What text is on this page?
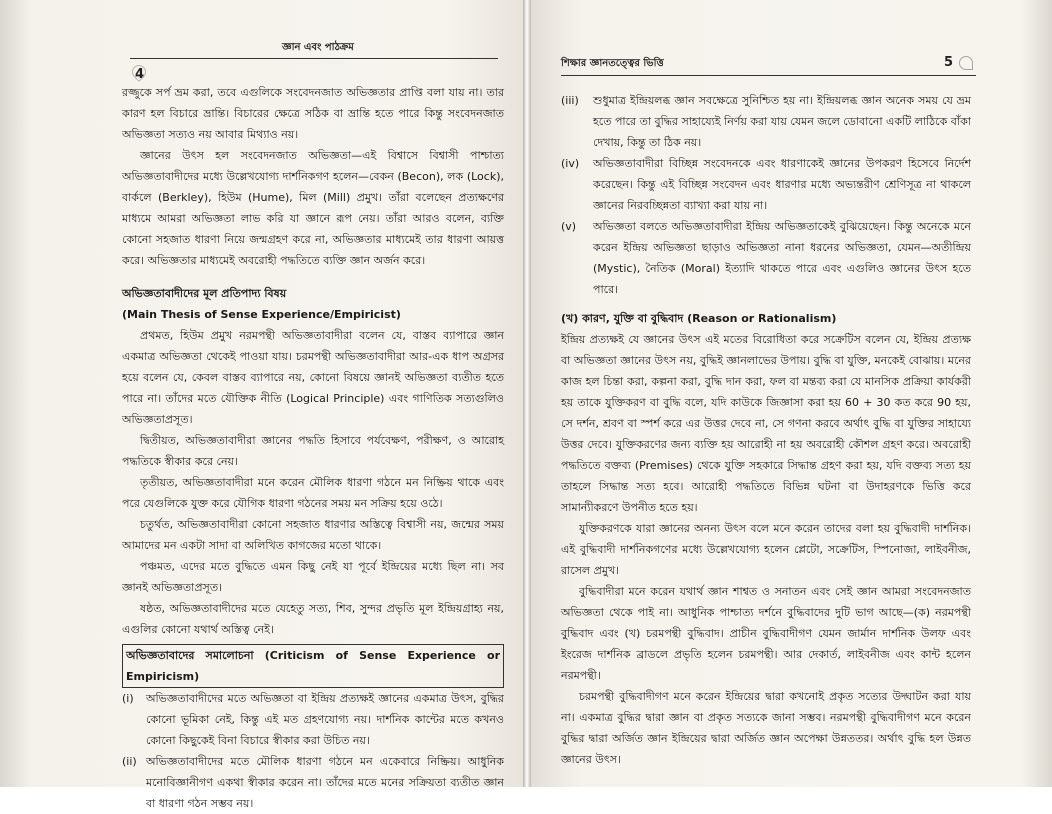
জ্ঞান এবং পাঠক্রম
4

রজ্জুকে সর্প ভ্রম করা, তবে এগুলিকে সংবেদনজাত অভিজ্ঞতার প্রাপ্তি বলা যায় না। তার কারণ হল বিচারে ভ্রান্তি। বিচারের ক্ষেত্রে সঠিক বা ভ্রান্তি হতে পারে কিন্তু সংবেদনজাত অভিজ্ঞতা সত্যও নয় আবার মিথ্যাও নয়।

জ্ঞানের উৎস হল সংবেদনজাত অভিজ্ঞতা—এই বিশ্বাসে বিশ্বাসী পাশ্চাত্য অভিজ্ঞতাবাদীদের মধ্যে উল্লেখযোগ্য দার্শনিকগণ হলেন—বেকন (Becon), লক (Lock), বার্কলে (Berkley), হিউম (Hume), মিল (Mill) প্রমুখ। তাঁরা বলেছেন প্রত্যক্ষণের মাধ্যমে আমরা অভিজ্ঞতা লাভ করি যা জ্ঞানে রূপ নেয়। তাঁরা আরও বলেন, ব্যক্তি কোনো সহজাত ধারণা নিয়ে জন্মগ্রহণ করে না, অভিজ্ঞতার মাধ্যমেই তার ধারণা আয়ত্ত করে। অভিজ্ঞতার মাধ্যমেই অবরোহী পদ্ধতিতে ব্যক্তি জ্ঞান অর্জন করে।

অভিজ্ঞতাবাদীদের মূল প্রতিপাদ্য বিষয়

(Main Thesis of Sense Experience/Empiricist)

প্রথমত, হিউম প্রমুখ নরমপন্থী অভিজ্ঞতাবাদীরা বলেন যে, বাস্তব ব্যাপারে জ্ঞান একমাত্র অভিজ্ঞতা থেকেই পাওয়া যায়। চরমপন্থী অভিজ্ঞতাবাদীরা আর-এক ধাপ অগ্রসর হয়ে বলেন যে, কেবল বাস্তব ব্যাপারে নয়, কোনো বিষয়ে জ্ঞানই অভিজ্ঞতা ব্যতীত হতে পারে না। তাঁদের মতে যৌক্তিক নীতি (Logical Principle) এবং গাণিতিক সত্যগুলিও অভিজ্ঞতাপ্রসূত।

দ্বিতীয়ত, অভিজ্ঞতাবাদীরা জ্ঞানের পদ্ধতি হিসাবে পর্যবেক্ষণ, পরীক্ষণ, ও আরোহ পদ্ধতিকে স্বীকার করে নেয়।

তৃতীয়ত, অভিজ্ঞতাবাদীরা মনে করেন মৌলিক ধারণা গঠনে মন নিষ্ক্রিয় থাকে এবং পরে যেগুলিকে যুক্ত করে যৌগিক ধারণা গঠনের সময় মন সক্রিয় হয়ে ওঠে।

চতুর্থত, অভিজ্ঞতাবাদীরা কোনো সহজাত ধারণার অস্তিত্বে বিশ্বাসী নয়, জন্মের সময় আমাদের মন একটা সাদা বা অলিখিত কাগজের মতো থাকে।

পঞ্চমত, এদের মতে বুদ্ধিতে এমন কিছু নেই যা পূর্বে ইন্দ্রিয়ের মধ্যে ছিল না। সব জ্ঞানই অভিজ্ঞতাপ্রসূত।

ষষ্ঠত, অভিজ্ঞতাবাদীদের মতে যেহেতু সত্য, শিব, সুন্দর প্রভৃতি মূল ইন্দ্রিয়গ্রাহ্য নয়, এগুলির কোনো যথার্থ অস্তিত্ব নেই।

অভিজ্ঞতাবাদের সমালোচনা (Criticism of Sense Experience or Empiricism)

(i)	অভিজ্ঞতাবাদীদের মতে অভিজ্ঞতা বা ইন্দ্রিয় প্রত্যক্ষই জ্ঞানের একমাত্র উৎস, বুদ্ধির কোনো ভূমিকা নেই, কিন্তু এই মত গ্রহণযোগ্য নয়। দার্শনিক কান্টের মতে কখনও কোনো কিছুকেই বিনা বিচারে স্বীকার করা উচিত নয়।
(ii) অভিজ্ঞতাবাদীদের মতে মৌলিক ধারণা গঠনে মন একেবারে নিষ্ক্রিয়। আধুনিক মনোবিজ্ঞানীগণ একথা স্বীকার করেন না। তাঁদের মতে মনের সক্রিয়তা ব্যতীত জ্ঞান বা ধারণা গঠন সম্ভব নয়।
শিক্ষার জ্ঞানতত্ত্বের ভিত্তি	5
(iii)	শুধুমাত্র ইন্দ্রিয়লব্ধ জ্ঞান সবক্ষেত্রে সুনিশ্চিত হয় না। ইন্দ্রিয়লব্ধ জ্ঞান অনেক সময় যে ভ্রম হতে পারে তা বুদ্ধির সাহায্যেই নির্ণয় করা যায় যেমন জলে ডোবানো একটি লাঠিকে বাঁকা দেখায়, কিন্তু তা ঠিক নয়।
(iv)	অভিজ্ঞতাবাদীরা বিচ্ছিন্ন সংবেদনকে এবং ধারণাকেই জ্ঞানের উপকরণ হিসেবে নির্দেশ করেছেন। কিন্তু এই বিচ্ছিন্ন সংবেদন এবং ধারণার মধ্যে অভ্যন্তরীণ শ্রেণিসূত্র না থাকলে জ্ঞানের নিরবচ্ছিন্নতা ব্যাখ্যা করা যায় না।
(v)	অভিজ্ঞতা বলতে অভিজ্ঞতাবাদীরা ইন্দ্রিয় অভিজ্ঞতাকেই বুঝিয়েছেন। কিন্তু অনেকে মনে করেন ইন্দ্রিয় অভিজ্ঞতা ছাড়াও অভিজ্ঞতা নানা ধরনের অভিজ্ঞতা, যেমন—অতীন্দ্রিয় (Mystic), নৈতিক (Moral) ইত্যাদি থাকতে পারে এবং এগুলিও জ্ঞানের উৎস হতে পারে।

(খ) কারণ, যুক্তি বা বুদ্ধিবাদ (Reason or Rationalism)

ইন্দ্রিয় প্রত্যক্ষই যে জ্ঞানের উৎস এই মতের বিরোধিতা করে সক্রেটিস বলেন যে, ইন্দ্রিয় প্রত্যক্ষ বা অভিজ্ঞতা জ্ঞানের উৎস নয়, বুদ্ধিই জ্ঞানলাভের উপায়। বুদ্ধি বা যুক্তি, মনকেই বোঝায়। মনের কাজ হল চিন্তা করা, কল্পনা করা, বুদ্ধি দান করা, ফল বা মন্তব্য করা যে মানসিক প্রক্রিয়া কার্যকরী হয় তাকে যুক্তিকরণ বা বুদ্ধি বলে, যদি কাউকে জিজ্ঞাসা করা হয় 60 + 30 কত করে 90 হয়, সে দর্শন, শ্রবণ বা স্পর্শ করে এর উত্তর দেবে না, সে গণনা করবে অর্থাৎ বুদ্ধি বা যুক্তির সাহায্যে উত্তর দেবে। যুক্তিকরণের জন্য ব্যক্তি হয় আরোহী না হয় অবরোহী কৌশল গ্রহণ করে। অবরোহী পদ্ধতিতে বক্তব্য (Premises) থেকে যুক্তি সহকারে সিদ্ধান্ত গ্রহণ করা হয়, যদি বক্তব্য সত্য হয় তাহলে সিদ্ধান্ত সত্য হবে। আরোহী পদ্ধতিতে বিভিন্ন ঘটনা বা উদাহরণকে ভিত্তি করে সামান্যীকরণে উপনীত হতে হয়।

যুক্তিকরণকে যারা জ্ঞানের অনন্য উৎস বলে মনে করেন তাদের বলা হয় বুদ্ধিবাদী দার্শনিক। এই বুদ্ধিবাদী দার্শনিকগণের মধ্যে উল্লেখযোগ্য হলেন প্লেটো, সক্রেটিস, স্পিনোজা, লাইবনীজ, রাসেল প্রমুখ।

বুদ্ধিবাদীরা মনে করেন যথার্থ জ্ঞান শাশ্বত ও সনাতন এবং সেই জ্ঞান আমরা সংবেদনজাত অভিজ্ঞতা থেকে পাই না। আধুনিক পাশ্চাত্য দর্শনে বুদ্ধিবাদের দুটি ভাগ আছে—(ক) নরমপন্থী বুদ্ধিবাদ এবং (খ) চরমপন্থী বুদ্ধিবাদ। প্রাচীন বুদ্ধিবাদীগণ যেমন জার্মান দার্শনিক উলফ এবং ইংরেজ দার্শনিক ব্রাডলে প্রভৃতি হলেন চরমপন্থী। আর দেকার্ত, লাইবনীজ এবং কান্ট হলেন নরমপন্থী।

চরমপন্থী বুদ্ধিবাদীগণ মনে করেন ইন্দ্রিয়ের দ্বারা কখনোই প্রকৃত সত্যের উদ্ঘাটন করা যায় না। একমাত্র বুদ্ধির দ্বারা জ্ঞান বা প্রকৃত সত্যকে জানা সম্ভব। নরমপন্থী বুদ্ধিবাদীগণ মনে করেন বুদ্ধির দ্বারা অর্জিত জ্ঞান ইন্দ্রিয়ের দ্বারা অর্জিত জ্ঞান অপেক্ষা উন্নততর। অর্থাৎ বুদ্ধি হল উন্নত জ্ঞানের উৎস।
